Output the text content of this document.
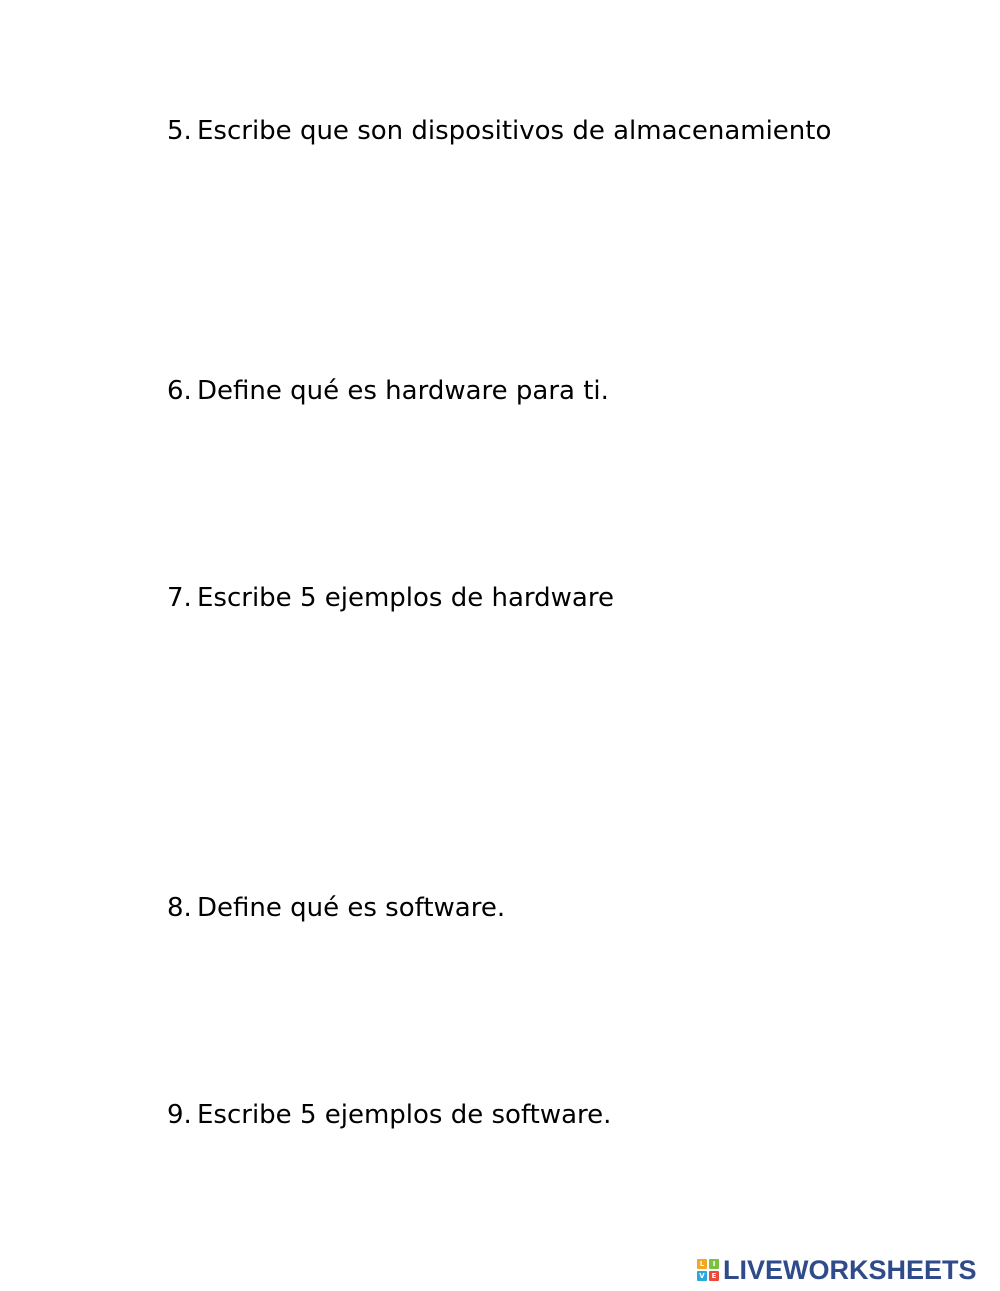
5. Escribe que son dispositivos de almacenamiento
6. Define qué es hardware para ti.
7. Escribe 5 ejemplos de hardware
8. Define qué es software.
9. Escribe 5 ejemplos de software.
L	I
V E LIVEWORKSHEETS
